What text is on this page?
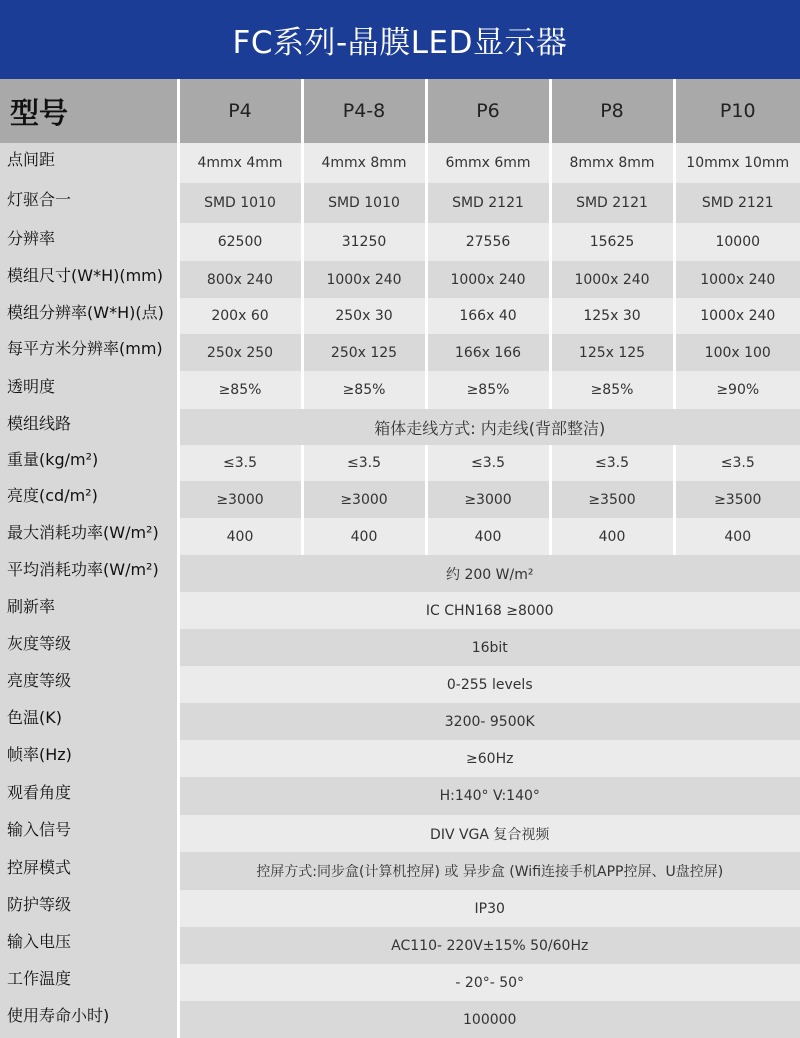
FC系列-晶膜LED显示器
型号	P4	P4-8	P6	P8	P10
点间距	4mmx 4mm	4mmx 8mm	6mmx 6mm	8mmx 8mm	10mmx 10mm
灯驱合一	SMD 1010	SMD 1010	SMD 2121	SMD 2121	SMD 2121
分辨率	62500	31250	27556	15625	10000
模组尺寸(W*H)(mm)	800x 240	1000x 240	1000x 240	1000x 240	1000x 240
模组分辨率(W*H)(点)	200x 60	250x 30	166x 40	125x 30	1000x 240
每平方米分辨率(mm)	250x 250	250x 125	166x 166	125x 125	100x 100
透明度	≥85%	≥85%	≥85%	≥85%	≥90%
模组线路	箱体走线方式: 内走线(背部整洁)				
重量(kg/m²)	≤3.5	≤3.5	≤3.5	≤3.5	≤3.5
亮度(cd/m²)	≥3000	≥3000	≥3000	≥3500	≥3500
最大消耗功率(W/m²)	400	400	400	400	400
平均消耗功率(W/m²)	约 200 W/m²				
刷新率	IC CHN168 ≥8000				
灰度等级	16bit				
亮度等级	0-255 levels				
色温(K)	3200- 9500K				
帧率(Hz)	≥60Hz				
观看角度	H:140° V:140°				
输入信号	DIV VGA 复合视频				
控屏模式	控屏方式:同步盒(计算机控屏) 或 异步盒 (Wifi连接手机APP控屏、U盘控屏)				
防护等级	IP30				
输入电压	AC110- 220V±15% 50/60Hz				
工作温度	- 20°- 50°				
使用寿命小时)	100000				
